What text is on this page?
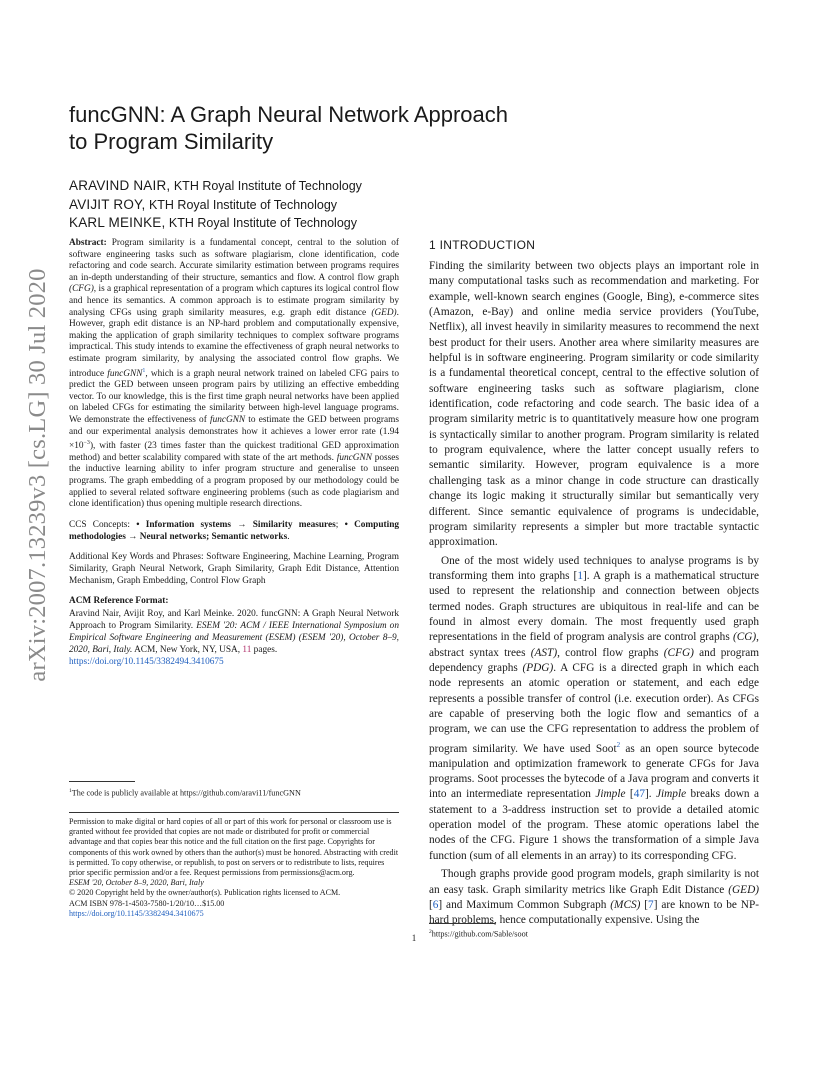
arXiv:2007.13239v3 [cs.LG] 30 Jul 2020
funcGNN: A Graph Neural Network Approach
to Program Similarity
ARAVIND NAIR, KTH Royal Institute of Technology
AVIJIT ROY, KTH Royal Institute of Technology
KARL MEINKE, KTH Royal Institute of Technology

Abstract: Program similarity is a fundamental concept, central to the solution of software engineering tasks such as software plagiarism, clone identification, code refactoring and code search. Accurate similarity estimation between programs requires an in-depth understanding of their structure, semantics and flow. A control flow graph (CFG), is a graphical representation of a program which captures its logical control flow and hence its semantics. A common approach is to estimate program similarity by analysing CFGs using graph similarity measures, e.g. graph edit distance (GED). However, graph edit distance is an NP-hard problem and computationally expensive, making the application of graph similarity techniques to complex software programs impractical. This study intends to examine the effectiveness of graph neural networks to estimate program similarity, by analysing the associated control flow graphs. We introduce funcGNN$^1$, which is a graph neural network trained on labeled CFG pairs to predict the GED between unseen program pairs by utilizing an effective embedding vector. To our knowledge, this is the first time graph neural networks have been applied on labeled CFGs for estimating the similarity between high-level language programs. We demonstrate the effectiveness of funcGNN to estimate the GED between programs and our experimental analysis demonstrates how it achieves a lower error rate $(1.94 \times 10^{-3})$, with faster (23 times faster than the quickest traditional GED approximation method) and better scalability compared with state of the art methods. funcGNN posses the inductive learning ability to infer program structure and generalise to unseen programs. The graph embedding of a program proposed by our methodology could be applied to several related software engineering problems (such as code plagiarism and clone identification) thus opening multiple research directions.

CCS Concepts: • Information systems → Similarity measures; • Computing methodologies → Neural networks; Semantic networks.

Additional Key Words and Phrases: Software Engineering, Machine Learning, Program Similarity, Graph Neural Network, Graph Similarity, Graph Edit Distance, Attention Mechanism, Graph Embedding, Control Flow Graph

ACM Reference Format:

Aravind Nair, Avijit Roy, and Karl Meinke. 2020. funcGNN: A Graph Neural Network Approach to Program Similarity. ESEM '20: ACM / IEEE International Symposium on Empirical Software Engineering and Measurement (ESEM) (ESEM '20), October 8–9, 2020, Bari, Italy. ACM, New York, NY, USA, 11 pages.
https://doi.org/10.1145/3382494.3410675

$^1$The code is publicly available at https://github.com/aravi11/funcGNN

Permission to make digital or hard copies of all or part of this work for personal or classroom use is granted without fee provided that copies are not made or distributed for profit or commercial advantage and that copies bear this notice and the full citation on the first page. Copyrights for components of this work owned by others than the author(s) must be honored. Abstracting with credit is permitted. To copy otherwise, or republish, to post on servers or to redistribute to lists, requires prior specific permission and/or a fee. Request permissions from permissions@acm.org.

ESEM '20, October 8–9, 2020, Bari, Italy

© 2020 Copyright held by the owner/author(s). Publication rights licensed to ACM.

ACM ISBN 978-1-4503-7580-1/20/10…$15.00

https://doi.org/10.1145/3382494.3410675

1 INTRODUCTION

Finding the similarity between two objects plays an important role in many computational tasks such as recommendation and marketing. For example, well-known search engines (Google, Bing), e-commerce sites (Amazon, e-Bay) and online media service providers (YouTube, Netflix), all invest heavily in similarity measures to recommend the next best product for their users. Another area where similarity measures are helpful is in software engineering. Program similarity or code similarity is a fundamental theoretical concept, central to the effective solution of software engineering tasks such as software plagiarism, clone identification, code refactoring and code search. The basic idea of a program similarity metric is to quantitatively measure how one program is syntactically similar to another program. Program similarity is related to program equivalence, where the latter concept usually refers to semantic similarity. However, program equivalence is a more challenging task as a minor change in code structure can drastically change its logic making it structurally similar but semantically very different. Since semantic equivalence of programs is undecidable, program similarity represents a simpler but more tractable syntactic approximation.

One of the most widely used techniques to analyse programs is by transforming them into graphs [1]. A graph is a mathematical structure used to represent the relationship and connection between objects termed nodes. Graph structures are ubiquitous in real-life and can be found in almost every domain. The most frequently used graph representations in the field of program analysis are control graphs (CG), abstract syntax trees (AST), control flow graphs (CFG) and program dependency graphs (PDG). A CFG is a directed graph in which each node represents an atomic operation or statement, and each edge represents a possible transfer of control (i.e. execution order). As CFGs are capable of preserving both the logic flow and semantics of a program, we can use the CFG representation to address the problem of program similarity. We have used Soot$^2$ as an open source bytecode manipulation and optimization framework to generate CFGs for Java programs. Soot processes the bytecode of a Java program and converts it into an intermediate representation Jimple [47]. Jimple breaks down a statement to a 3-address instruction set to provide a detailed atomic operation model of the program. These atomic operations label the nodes of the CFG. Figure 1 shows the transformation of a simple Java function (sum of all elements in an array) to its corresponding CFG.

Though graphs provide good program models, graph similarity is not an easy task. Graph similarity metrics like Graph Edit Distance (GED) [6] and Maximum Common Subgraph (MCS) [7] are known to be NP-hard problems, hence computationally expensive. Using the

$^2$https://github.com/Sable/soot
1
